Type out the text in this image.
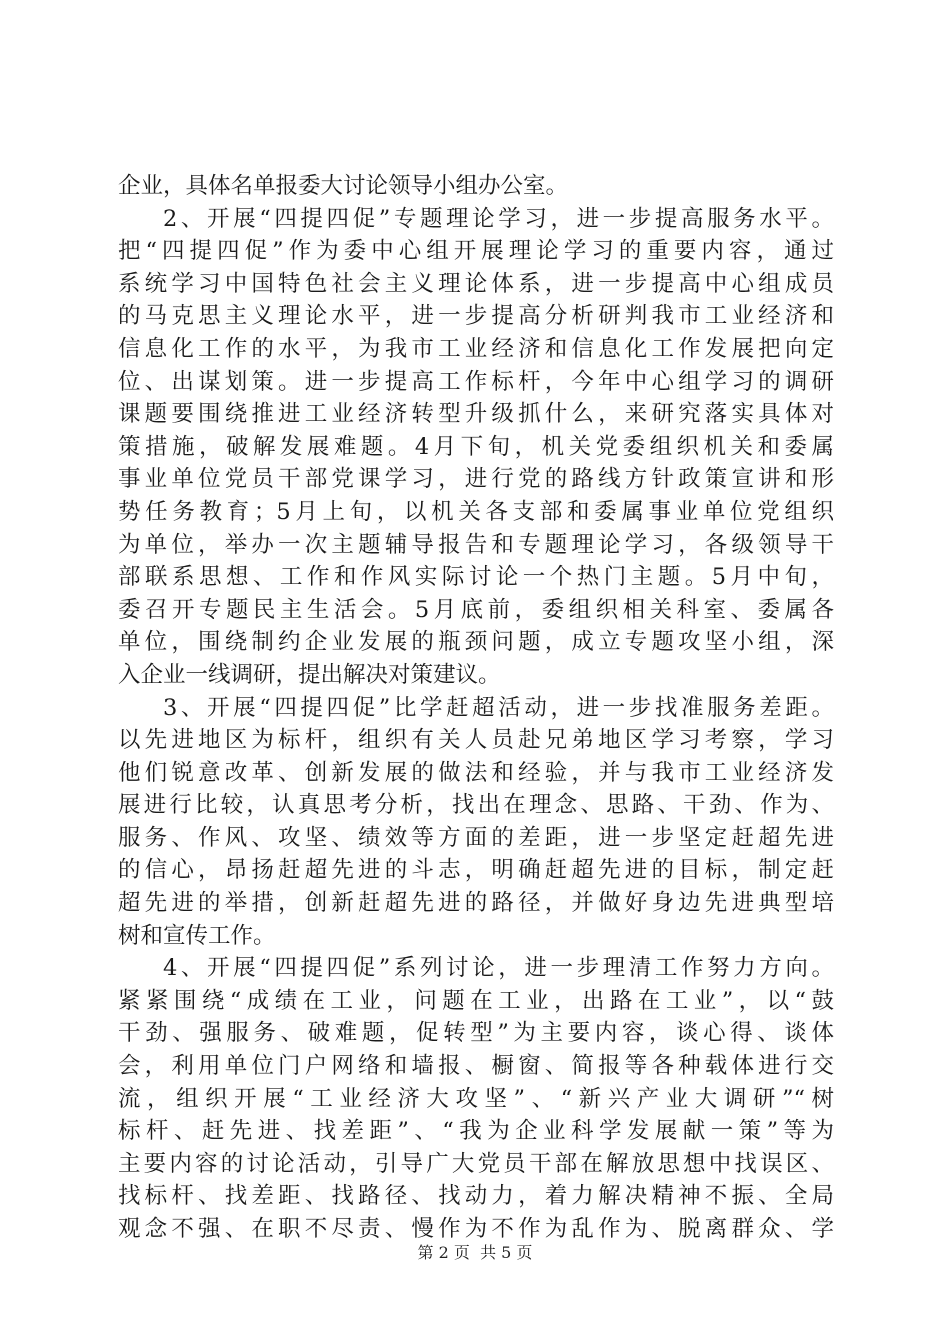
企业，具体名单报委大讨论领导小组办公室。
2、开展“四提四促”专题理论学习，进一步提高服务水平。
把“四提四促”作为委中心组开展理论学习的重要内容，通过
系统学习中国特色社会主义理论体系，进一步提高中心组成员
的马克思主义理论水平，进一步提高分析研判我市工业经济和
信息化工作的水平，为我市工业经济和信息化工作发展把向定
位、出谋划策。进一步提高工作标杆，今年中心组学习的调研
课题要围绕推进工业经济转型升级抓什么，来研究落实具体对
策措施，破解发展难题。4月下旬，机关党委组织机关和委属
事业单位党员干部党课学习，进行党的路线方针政策宣讲和形
势任务教育；5月上旬，以机关各支部和委属事业单位党组织
为单位，举办一次主题辅导报告和专题理论学习，各级领导干
部联系思想、工作和作风实际讨论一个热门主题。5月中旬，
委召开专题民主生活会。5月底前，委组织相关科室、委属各
单位，围绕制约企业发展的瓶颈问题，成立专题攻坚小组，深
入企业一线调研，提出解决对策建议。
3、开展“四提四促”比学赶超活动，进一步找准服务差距。
以先进地区为标杆，组织有关人员赴兄弟地区学习考察，学习
他们锐意改革、创新发展的做法和经验，并与我市工业经济发
展进行比较，认真思考分析，找出在理念、思路、干劲、作为、
服务、作风、攻坚、绩效等方面的差距，进一步坚定赶超先进
的信心，昂扬赶超先进的斗志，明确赶超先进的目标，制定赶
超先进的举措，创新赶超先进的路径，并做好身边先进典型培
树和宣传工作。
4、开展“四提四促”系列讨论，进一步理清工作努力方向。
紧紧围绕“成绩在工业，问题在工业，出路在工业”，以“鼓
干劲、强服务、破难题，促转型”为主要内容，谈心得、谈体
会，利用单位门户网络和墙报、橱窗、简报等各种载体进行交
流，组织开展“工业经济大攻坚”、“新兴产业大调研”“树
标杆、赶先进、找差距”、“我为企业科学发展献一策”等为
主要内容的讨论活动，引导广大党员干部在解放思想中找误区、
找标杆、找差距、找路径、找动力，着力解决精神不振、全局
观念不强、在职不尽责、慢作为不作为乱作为、脱离群众、学
第 2 页  共 5 页
